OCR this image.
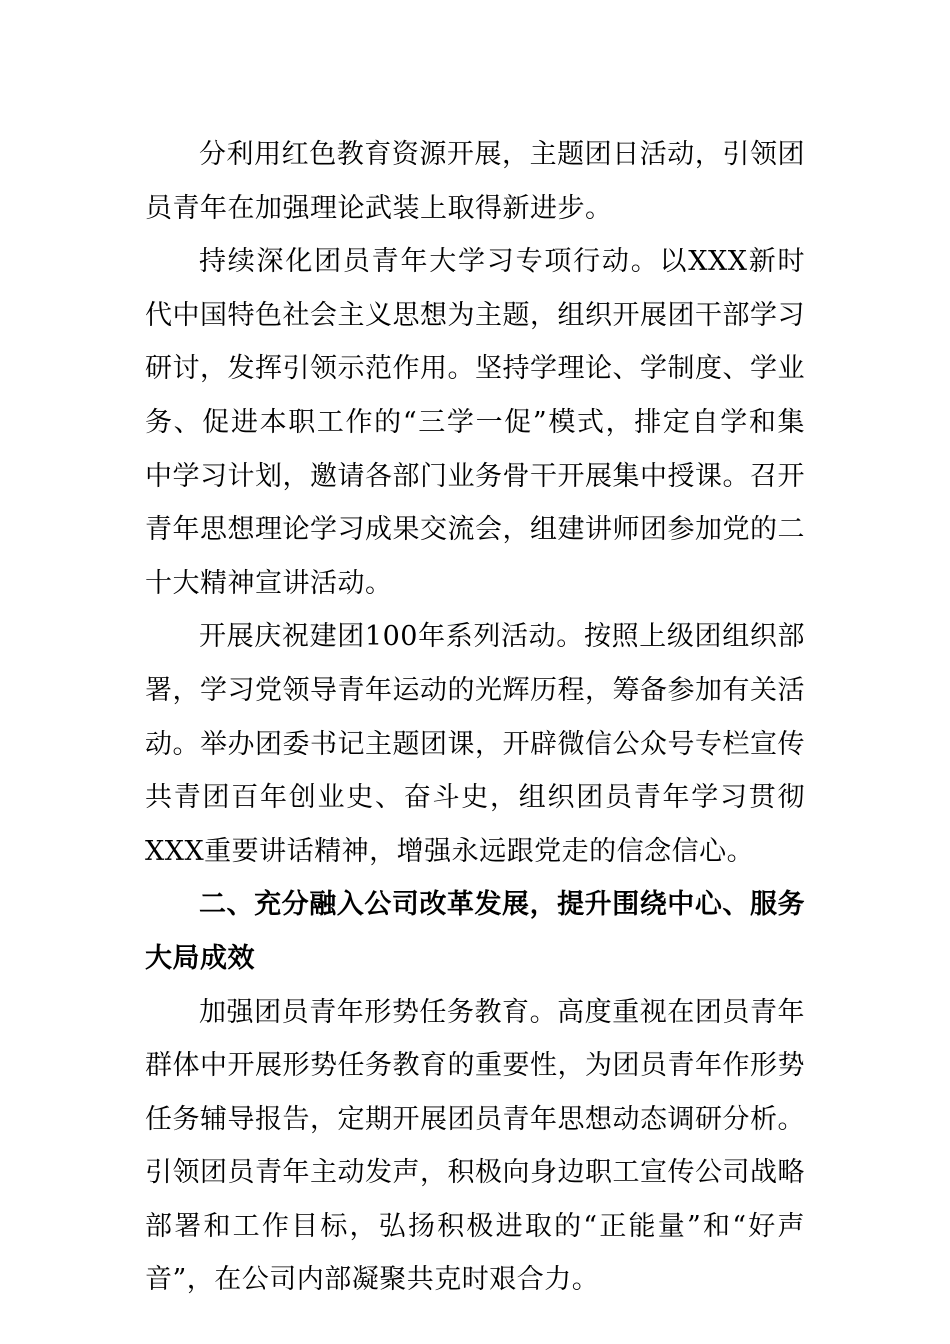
分利用红色教育资源开展，主题团日活动，引领团员青年在加强理论武装上取得新进步。

持续深化团员青年大学习专项行动。以XXX新时代中国特色社会主义思想为主题，组织开展团干部学习研讨，发挥引领示范作用。坚持学理论、学制度、学业务、促进本职工作的“三学一促”模式，排定自学和集中学习计划，邀请各部门业务骨干开展集中授课。召开青年思想理论学习成果交流会，组建讲师团参加党的二十大精神宣讲活动。

开展庆祝建团100年系列活动。按照上级团组织部署，学习党领导青年运动的光辉历程，筹备参加有关活动。举办团委书记主题团课，开辟微信公众号专栏宣传共青团百年创业史、奋斗史，组织团员青年学习贯彻XXX重要讲话精神，增强永远跟党走的信念信心。

二、充分融入公司改革发展，提升围绕中心、服务大局成效

加强团员青年形势任务教育。高度重视在团员青年群体中开展形势任务教育的重要性，为团员青年作形势任务辅导报告，定期开展团员青年思想动态调研分析。引领团员青年主动发声，积极向身边职工宣传公司战略部署和工作目标，弘扬积极进取的“正能量”和“好声音”，在公司内部凝聚共克时艰合力。
